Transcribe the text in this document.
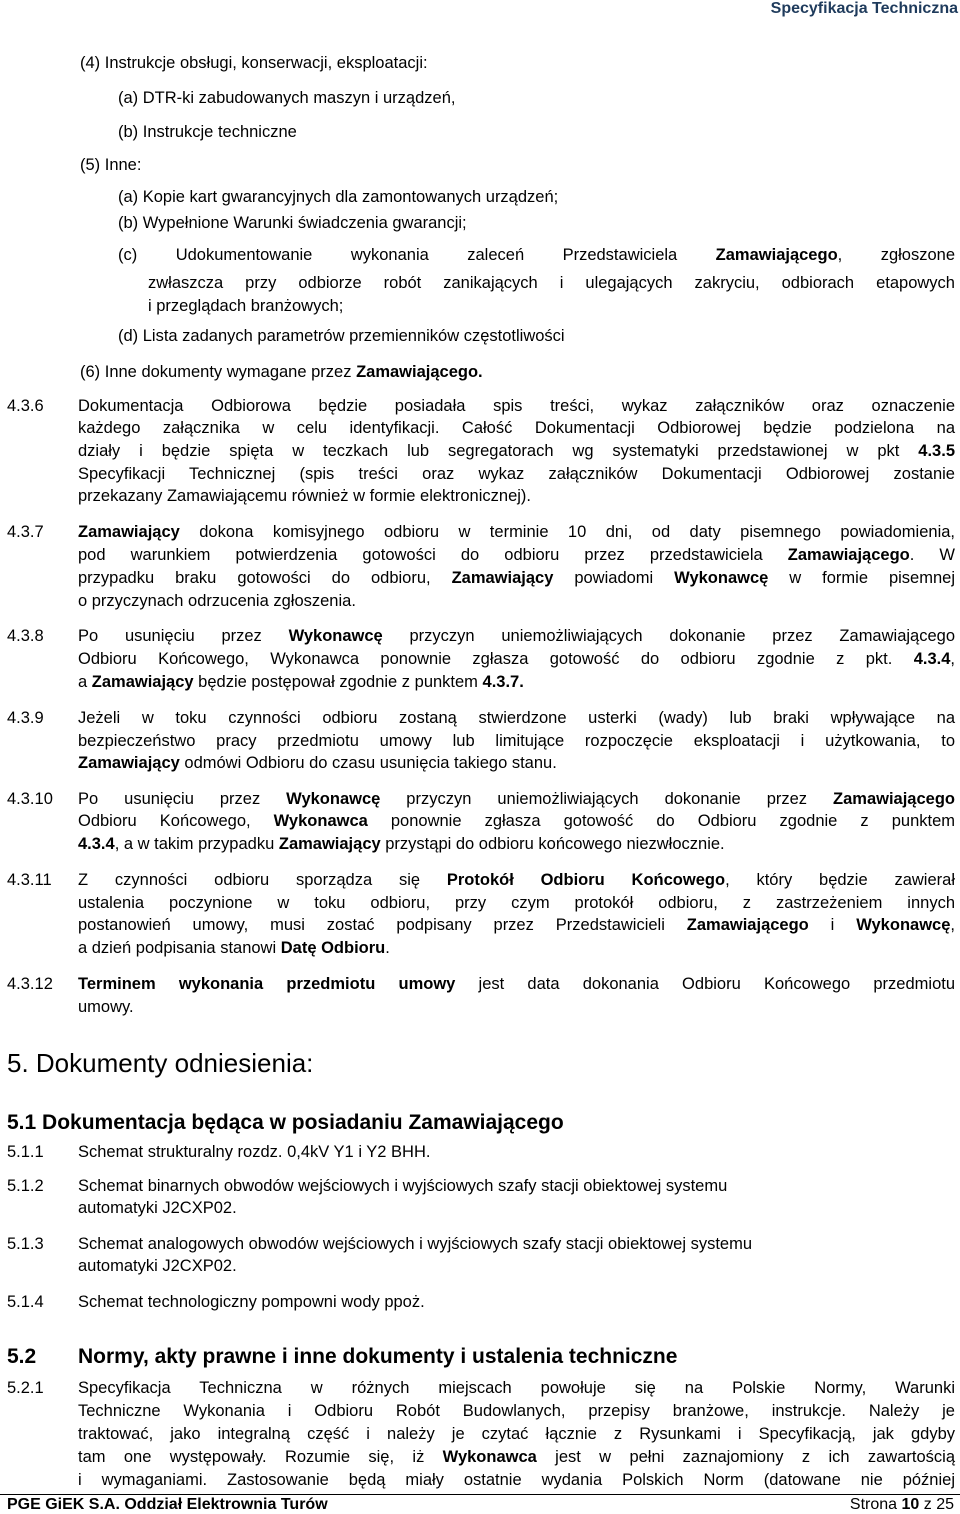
Specyfikacja Techniczna
(4) Instrukcje obsługi, konserwacji, eksploatacji:
(a) DTR-ki zabudowanych maszyn i urządzeń,
(b) Instrukcje techniczne
(5) Inne:
(a) Kopie kart gwarancyjnych dla zamontowanych urządzeń;
(b) Wypełnione Warunki świadczenia gwarancji;
(c) Udokumentowanie wykonania zaleceń Przedstawiciela Zamawiającego, zgłoszone
zwłaszcza przy odbiorze robót zanikających i ulegających zakryciu, odbiorach etapowych
i przeglądach branżowych;
(d) Lista zadanych parametrów przemienników częstotliwości
(6) Inne dokumenty wymagane przez Zamawiającego.
4.3.6 Dokumentacja Odbiorowa będzie posiadała spis treści, wykaz załączników oraz oznaczenie
każdego załącznika w celu identyfikacji. Całość Dokumentacji Odbiorowej będzie podzielona na
działy i będzie spięta w teczkach lub segregatorach wg systematyki przedstawionej w pkt 4.3.5
Specyfikacji Technicznej (spis treści oraz wykaz załączników Dokumentacji Odbiorowej zostanie
przekazany Zamawiającemu również w formie elektronicznej).
4.3.7 Zamawiający dokona komisyjnego odbioru w terminie 10 dni, od daty pisemnego powiadomienia,
pod warunkiem potwierdzenia gotowości do odbioru przez przedstawiciela Zamawiającego. W
przypadku braku gotowości do odbioru, Zamawiający powiadomi Wykonawcę w formie pisemnej
o przyczynach odrzucenia zgłoszenia.
4.3.8 Po usunięciu przez Wykonawcę przyczyn uniemożliwiających dokonanie przez Zamawiającego
Odbioru Końcowego, Wykonawca ponownie zgłasza gotowość do odbioru zgodnie z pkt. 4.3.4,
a Zamawiający będzie postępował zgodnie z punktem 4.3.7.
4.3.9 Jeżeli w toku czynności odbioru zostaną stwierdzone usterki (wady) lub braki wpływające na
bezpieczeństwo pracy przedmiotu umowy lub limitujące rozpoczęcie eksploatacji i użytkowania, to
Zamawiający odmówi Odbioru do czasu usunięcia takiego stanu.
4.3.10 Po usunięciu przez Wykonawcę przyczyn uniemożliwiających dokonanie przez Zamawiającego
Odbioru Końcowego, Wykonawca ponownie zgłasza gotowość do Odbioru zgodnie z punktem
4.3.4, a w takim przypadku Zamawiający przystąpi do odbioru końcowego niezwłocznie.
4.3.11 Z czynności odbioru sporządza się Protokół Odbioru Końcowego, który będzie zawierał
ustalenia poczynione w toku odbioru, przy czym protokół odbioru, z zastrzeżeniem innych
postanowień umowy, musi zostać podpisany przez Przedstawicieli Zamawiającego i Wykonawcę,
a dzień podpisania stanowi Datę Odbioru.
4.3.12 Terminem wykonania przedmiotu umowy jest data dokonania Odbioru Końcowego przedmiotu
umowy.
5. Dokumenty odniesienia:
5.1 Dokumentacja będąca w posiadaniu Zamawiającego
5.1.1 Schemat strukturalny rozdz. 0,4kV Y1 i Y2 BHH.
5.1.2 Schemat binarnych obwodów wejściowych i wyjściowych szafy stacji obiektowej systemu
automatyki J2CXP02.
5.1.3 Schemat analogowych obwodów wejściowych i wyjściowych szafy stacji obiektowej systemu
automatyki J2CXP02.
5.1.4 Schemat technologiczny pompowni wody ppoż.
5.2 Normy, akty prawne i inne dokumenty i ustalenia techniczne
5.2.1 Specyfikacja Techniczna w różnych miejscach powołuje się na Polskie Normy, Warunki
Techniczne Wykonania i Odbioru Robót Budowlanych, przepisy branżowe, instrukcje. Należy je
traktować, jako integralną część i należy je czytać łącznie z Rysunkami i Specyfikacją, jak gdyby
tam one występowały. Rozumie się, iż Wykonawca jest w pełni zaznajomiony z ich zawartością
i wymaganiami. Zastosowanie będą miały ostatnie wydania Polskich Norm (datowane nie później
PGE GiEK S.A. Oddział Elektrownia Turów	Strona 10 z 25
